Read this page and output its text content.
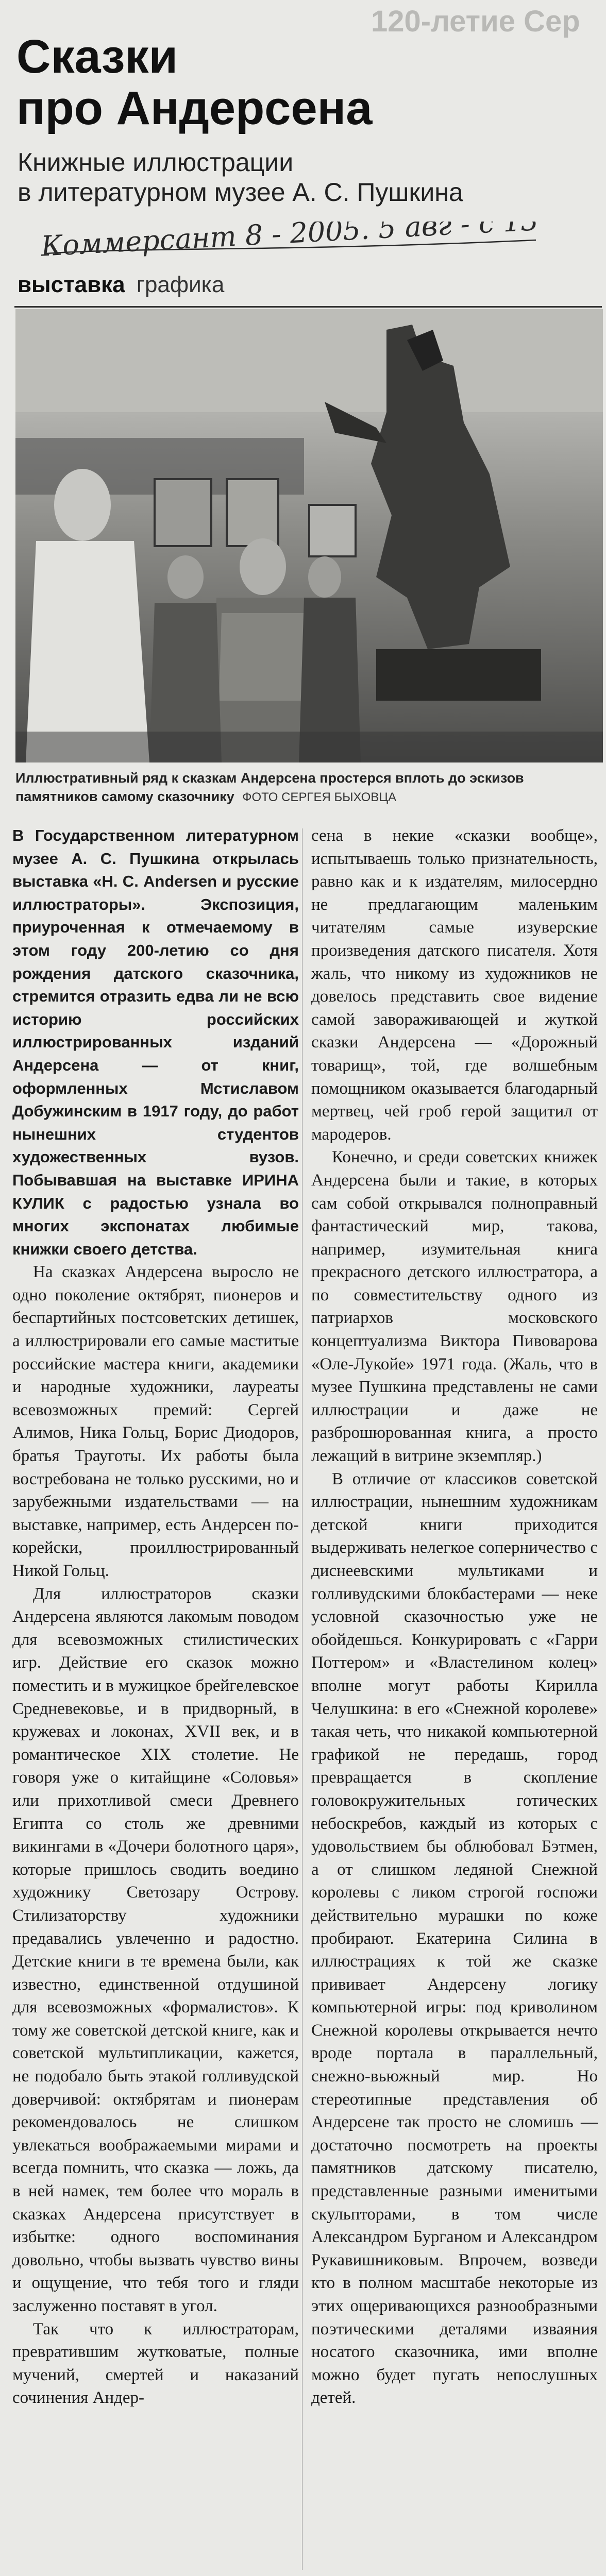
120-летие Сер
Сказки
про Андерсена
Книжные иллюстрации
в литературном музее А. С. Пушкина
Коммерсант 8 - 2005. 5 авг - с 13
выставка графика
Иллюстративный ряд к сказкам Андерсена простерся вплоть до эскизов памятников самому сказочнику ФОТО СЕРГЕЯ БЫХОВЦА

В Государственном литературном музее А. С. Пушкина открылась выставка «Н. С. Andersen и русские иллюстраторы». Экспозиция, приуроченная к отмечаемому в этом году 200-летию со дня рождения датского сказочника, стремится отразить едва ли не всю историю российских иллюстрированных изданий Андерсена — от книг, оформленных Мстиславом Добужинским в 1917 году, до работ нынешних студентов художественных вузов. Побывавшая на выставке ИРИНА КУЛИК с радостью узнала во многих экспонатах любимые книжки своего детства.

На сказках Андерсена выросло не одно поколение октябрят, пионеров и беспартийных постсоветских детишек, а иллюстрировали его самые маститые российские мастера книги, академики и народные художники, лауреаты всевозможных премий: Сергей Алимов, Ника Гольц, Борис Диодоров, братья Трауготы. Их работы была востребована не только русскими, но и зарубежными издательствами — на выставке, например, есть Андерсен по-корейски, проиллюстрированный Никой Гольц.

Для иллюстраторов сказки Андерсена являются лакомым поводом для всевозможных стилистических игр. Действие его сказок можно поместить и в мужицкое брейгелевское Средневековье, и в придворный, в кружевах и локонах, XVII век, и в романтическое XIX столетие. Не говоря уже о китайщине «Соловья» или прихотливой смеси Древнего Египта со столь же древними викингами в «Дочери болотного царя», которые пришлось сводить воедино художнику Светозару Острову. Стилизаторству художники предавались увлеченно и радостно. Детские книги в те времена были, как известно, единственной отдушиной для всевозможных «формалистов». К тому же советской детской книге, как и советской мультипликации, кажется, не подобало быть этакой голливудской доверчивой: октябрятам и пионерам рекомендовалось не слишком увлекаться воображаемыми мирами и всегда помнить, что сказка — ложь, да в ней намек, тем более что мораль в сказках Андерсена присутствует в избытке: одного воспоминания довольно, чтобы вызвать чувство вины и ощущение, что тебя того и гляди заслуженно поставят в угол.

Так что к иллюстраторам, превратившим жутковатые, полные мучений, смертей и наказаний сочинения Андер-

сена в некие «сказки вообще», испытываешь только признательность, равно как и к издателям, милосердно не предлагающим маленьким читателям самые изуверские произведения датского писателя. Хотя жаль, что никому из художников не довелось представить свое видение самой завораживающей и жуткой сказки Андерсена — «Дорожный товарищ», той, где волшебным помощником оказывается благодарный мертвец, чей гроб герой защитил от мародеров.

Конечно, и среди советских книжек Андерсена были и такие, в которых сам собой открывался полноправный фантастический мир, такова, например, изумительная книга прекрасного детского иллюстратора, а по совместительству одного из патриархов московского концептуализма Виктора Пивоварова «Оле-Лукойе» 1971 года. (Жаль, что в музее Пушкина представлены не сами иллюстрации и даже не разброшюрованная книга, а просто лежащий в витрине экземпляр.)

В отличие от классиков советской иллюстрации, нынешним художникам детской книги приходится выдерживать нелегкое соперничество с диснеевскими мультиками и голливудскими блокбастерами — неке условной сказочностью уже не обойдешься. Конкурировать с «Гарри Поттером» и «Властелином колец» вполне могут работы Кирилла Челушкина: в его «Снежной королеве» такая четь, что никакой компьютерной графикой не передашь, город превращается в скопление головокружительных готических небоскребов, каждый из которых с удовольствием бы облюбовал Бэтмен, а от слишком ледяной Снежной королевы с ликом строгой госпожи действительно мурашки по коже пробирают. Екатерина Силина в иллюстрациях к той же сказке прививает Андерсену логику компьютерной игры: под криволином Снежной королевы открывается нечто вроде портала в параллельный, снежно-вьюжный мир. Но стереотипные представления об Андерсене так просто не сломишь — достаточно посмотреть на проекты памятников датскому писателю, представленные разными именитыми скульпторами, в том числе Александром Бурганом и Александром Рукавишниковым. Впрочем, возведи кто в полном масштабе некоторые из этих ощеривающихся разнообразными поэтическими деталями изваяния носатого сказочника, ими вполне можно будет пугать непослушных детей.
